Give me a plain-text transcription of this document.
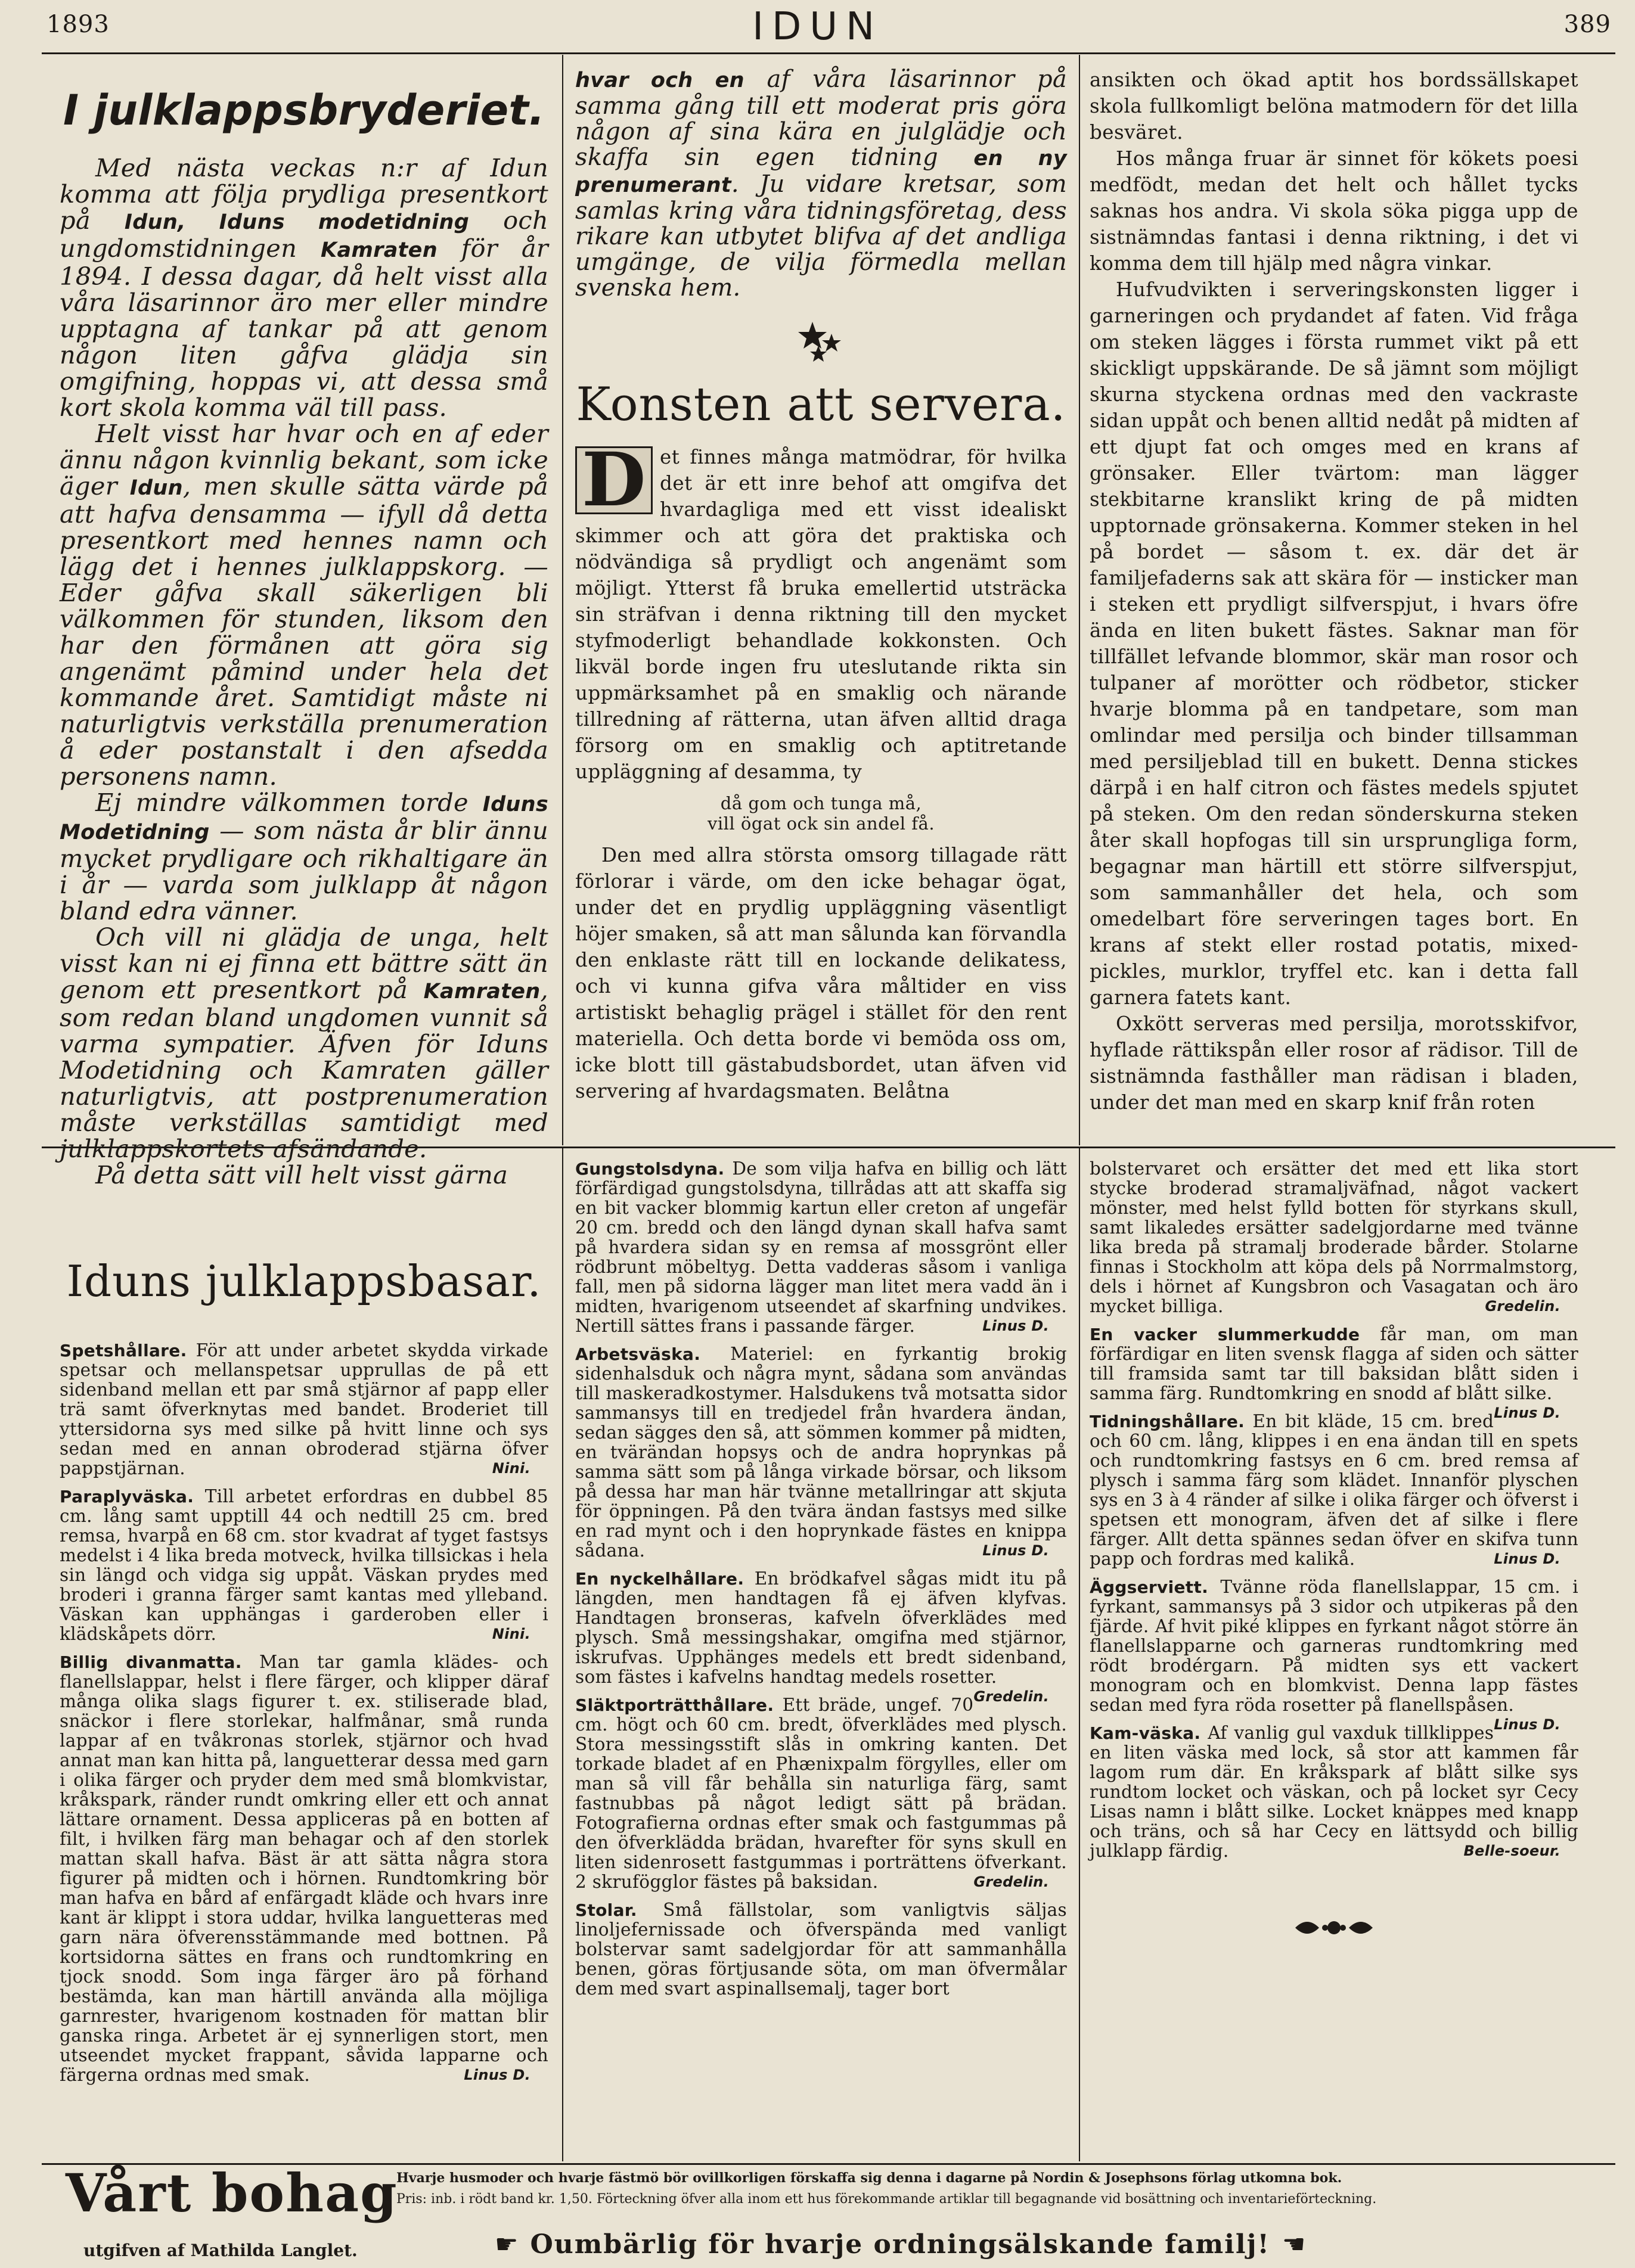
1893	IDUN	389
I julklappsbryderiet.

Med nästa veckas n:r af Idun komma att följa prydliga presentkort på Idun, Iduns modetidning och ungdomstidningen Kamraten för år 1894. I dessa dagar, då helt visst alla våra läsarinnor äro mer eller mindre upptagna af tankar på att genom någon liten gåfva glädja sin omgifning, hoppas vi, att dessa små kort skola komma väl till pass.

Helt visst har hvar och en af eder ännu någon kvinnlig bekant, som icke äger Idun, men skulle sätta värde på att hafva densamma — ifyll då detta presentkort med hennes namn och lägg det i hennes julklappskorg. — Eder gåfva skall säkerligen bli välkommen för stunden, liksom den har den förmånen att göra sig angenämt påmind under hela det kommande året. Samtidigt måste ni naturligtvis verkställa prenumeration å eder postanstalt i den afsedda personens namn.

Ej mindre välkommen torde Iduns Modetidning — som nästa år blir ännu mycket prydligare och rikhaltigare än i år — varda som julklapp åt någon bland edra vänner.

Och vill ni glädja de unga, helt visst kan ni ej finna ett bättre sätt än genom ett presentkort på Kamraten, som redan bland ungdomen vunnit så varma sympatier. Äfven för Iduns Modetidning och Kamraten gäller naturligtvis, att postprenumeration måste verkställas samtidigt med julklappskortets afsändande.

På detta sätt vill helt visst gärna

hvar och en af våra läsarinnor på samma gång till ett moderat pris göra någon af sina kära en julglädje och skaffa sin egen tidning en ny prenumerant. Ju vidare kretsar, som samlas kring våra tidningsföretag, dess rikare kan utbytet blifva af det andliga umgänge, de vilja förmedla mellan svenska hem.

Konsten att servera.

D et finnes många matmödrar, för hvilka det är ett inre behof att omgifva det hvardagliga med ett visst idealiskt skimmer och att göra det praktiska och nödvändiga så prydligt och angenämt som möjligt. Ytterst få bruka emellertid utsträcka sin sträfvan i denna riktning till den mycket styfmoderligt behandlade kokkonsten. Och likväl borde ingen fru uteslutande rikta sin uppmärksamhet på en smaklig och närande tillredning af rätterna, utan äfven alltid draga försorg om en smaklig och aptitretande uppläggning af desamma, ty

då gom och tunga må,
vill ögat ock sin andel få.

Den med allra största omsorg tillagade rätt förlorar i värde, om den icke behagar ögat, under det en prydlig uppläggning väsentligt höjer smaken, så att man sålunda kan förvandla den enklaste rätt till en lockande delikatess, och vi kunna gifva våra måltider en viss artistiskt behaglig prägel i stället för den rent materiella. Och detta borde vi bemöda oss om, icke blott till gästabudsbordet, utan äfven vid servering af hvardagsmaten. Belåtna

ansikten och ökad aptit hos bordssällskapet skola fullkomligt belöna matmodern för det lilla besväret.

Hos många fruar är sinnet för kökets poesi medfödt, medan det helt och hållet tycks saknas hos andra. Vi skola söka pigga upp de sistnämndas fantasi i denna riktning, i det vi komma dem till hjälp med några vinkar.

Hufvudvikten i serveringskonsten ligger i garneringen och prydandet af faten. Vid fråga om steken lägges i första rummet vikt på ett skickligt uppskärande. De så jämnt som möjligt skurna styckena ordnas med den vackraste sidan uppåt och benen alltid nedåt på midten af ett djupt fat och omges med en krans af grönsaker. Eller tvärtom: man lägger stekbitarne kranslikt kring de på midten upptornade grönsakerna. Kommer steken in hel på bordet — såsom t. ex. där det är familjefaderns sak att skära för — insticker man i steken ett prydligt silfverspjut, i hvars öfre ända en liten bukett fästes. Saknar man för tillfället lefvande blommor, skär man rosor och tulpaner af morötter och rödbetor, sticker hvarje blomma på en tandpetare, som man omlindar med persilja och binder tillsamman med persiljeblad till en bukett. Denna stickes därpå i en half citron och fästes medels spjutet på steken. Om den redan sönderskurna steken åter skall hopfogas till sin ursprungliga form, begagnar man härtill ett större silfverspjut, som sammanhåller det hela, och som omedelbart före serveringen tages bort. En krans af stekt eller rostad potatis, mixed-pickles, murklor, tryffel etc. kan i detta fall garnera fatets kant.

Oxkött serveras med persilja, morotsskifvor, hyflade rättikspån eller rosor af rädisor. Till de sistnämnda fasthåller man rädisan i bladen, under det man med en skarp knif från roten

Iduns julklappsbasar.

Spetshållare. För att under arbetet skydda virkade spetsar och mellanspetsar upprullas de på ett sidenband mellan ett par små stjärnor af papp eller trä samt öfverknytas med bandet. Broderiet till yttersidorna sys med silke på hvitt linne och sys sedan med en annan obroderad stjärna öfver pappstjärnan.	Nini.

Paraplyväska. Till arbetet erfordras en dubbel 85 cm. lång samt upptill 44 och nedtill 25 cm. bred remsa, hvarpå en 68 cm. stor kvadrat af tyget fastsys medelst i 4 lika breda motveck, hvilka tillsickas i hela sin längd och vidga sig uppåt. Väskan prydes med broderi i granna färger samt kantas med ylleband. Väskan kan upphängas i garderoben eller i klädskåpets dörr.	Nini.

Billig divanmatta. Man tar gamla klädes- och flanellslappar, helst i flere färger, och klipper däraf många olika slags figurer t. ex. stiliserade blad, snäckor i flere storlekar, halfmånar, små runda lappar af en tvåkronas storlek, stjärnor och hvad annat man kan hitta på, languetterar dessa med garn i olika färger och pryder dem med små blomkvistar, kråkspark, ränder rundt omkring eller ett och annat lättare ornament. Dessa appliceras på en botten af filt, i hvilken färg man behagar och af den storlek mattan skall hafva. Bäst är att sätta några stora figurer på midten och i hörnen. Rundtomkring bör man hafva en bård af enfärgadt kläde och hvars inre kant är klippt i stora uddar, hvilka languetteras med garn nära öfverensstämmande med bottnen. På kortsidorna sättes en frans och rundtomkring en tjock snodd. Som inga färger äro på förhand bestämda, kan man härtill använda alla möjliga garnrester, hvarigenom kostnaden för mattan blir ganska ringa. Arbetet är ej synnerligen stort, men utseendet mycket frappant, såvida lapparne och färgerna ordnas med smak.	Linus D.

Gungstolsdyna. De som vilja hafva en billig och lätt förfärdigad gungstolsdyna, tillrådas att att skaffa sig en bit vacker blommig kartun eller creton af ungefär 20 cm. bredd och den längd dynan skall hafva samt på hvardera sidan sy en remsa af mossgrönt eller rödbrunt möbeltyg. Detta vadderas såsom i vanliga fall, men på sidorna lägger man litet mera vadd än i midten, hvarigenom utseendet af skarfning undvikes. Nertill sättes frans i passande färger.	Linus D.

Arbetsväska. Materiel: en fyrkantig brokig sidenhalsduk och några mynt, sådana som användas till maskeradkostymer. Halsdukens två motsatta sidor sammansys till en tredjedel från hvardera ändan, sedan sägges den så, att sömmen kommer på midten, en tvärändan hopsys och de andra hoprynkas på samma sätt som på långa virkade börsar, och liksom på dessa har man här tvänne metallringar att skjuta för öppningen. På den tvära ändan fastsys med silke en rad mynt och i den hoprynkade fästes en knippa sådana.	Linus D.

En nyckelhållare. En brödkafvel sågas midt itu på längden, men handtagen få ej äfven klyfvas. Handtagen bronseras, kafveln öfverklädes med plysch. Små messingshakar, omgifna med stjärnor, iskrufvas. Upphänges medels ett bredt sidenband, som fästes i kafvelns handtag medels rosetter.
Gredelin.

Släktporträtthållare. Ett bräde, ungef. 70 cm. högt och 60 cm. bredt, öfverklädes med plysch. Stora messingsstift slås in omkring kanten. Det torkade bladet af en Phænixpalm förgylles, eller om man så vill får behålla sin naturliga färg, samt fastnubbas på något ledigt sätt på brädan. Fotografierna ordnas efter smak och fastgummas på den öfverklädda brädan, hvarefter för syns skull en liten sidenrosett fastgummas i porträttens öfverkant. 2 skrufögglor fästes på baksidan.	Gredelin.

Stolar. Små fällstolar, som vanligtvis säljas linoljefernissade och öfverspända med vanligt bolstervar samt sadelgjordar för att sammanhålla benen, göras förtjusande söta, om man öfvermålar dem med svart aspinallsemalj, tager bort

bolstervaret och ersätter det med ett lika stort stycke broderad stramaljväfnad, något vackert mönster, med helst fylld botten för styrkans skull, samt likaledes ersätter sadelgjordarne med tvänne lika breda på stramalj broderade bårder. Stolarne finnas i Stockholm att köpa dels på Norrmalmstorg, dels i hörnet af Kungsbron och Vasagatan och äro mycket billiga.	Gredelin.

En vacker slummerkudde får man, om man förfärdigar en liten svensk flagga af siden och sätter till framsida samt tar till baksidan blått siden i samma färg. Rundtomkring en snodd af blått silke.
Linus D.

Tidningshållare. En bit kläde, 15 cm. bred och 60 cm. lång, klippes i en ena ändan till en spets och rundtomkring fastsys en 6 cm. bred remsa af plysch i samma färg som klädet. Innanför plyschen sys en 3 à 4 ränder af silke i olika färger och öfverst i spetsen ett monogram, äfven det af silke i flere färger. Allt detta spännes sedan öfver en skifva tunn papp och fordras med kalikå.	Linus D.

Äggserviett. Tvänne röda flanellslappar, 15 cm. i fyrkant, sammansys på 3 sidor och utpikeras på den fjärde. Af hvit piké klippes en fyrkant något större än flanellslapparne och garneras rundtomkring med rödt brodérgarn. På midten sys ett vackert monogram och en blomkvist. Denna lapp fästes sedan med fyra röda rosetter på flanellspåsen.
Linus D.

Kam-väska. Af vanlig gul vaxduk tillklippes en liten väska med lock, så stor att kammen får lagom rum där. En kråkspark af blått silke sys rundtom locket och väskan, och på locket syr Cecy Lisas namn i blått silke. Locket knäppes med knapp och träns, och så har Cecy en lättsydd och billig julklapp färdig.	Belle-soeur.

Vårt bohag
utgifven af Mathilda Langlet.
Hvarje husmoder och hvarje fästmö bör ovillkorligen förskaffa sig denna i dagarne på Nordin & Josephsons förlag utkomna bok.
Pris: inb. i rödt band kr. 1,50. Förteckning öfver alla inom ett hus förekommande artiklar till begagnande vid bosättning och inventarieförteckning.
☛ Oumbärlig för hvarje ordningsälskande familj! ☚
